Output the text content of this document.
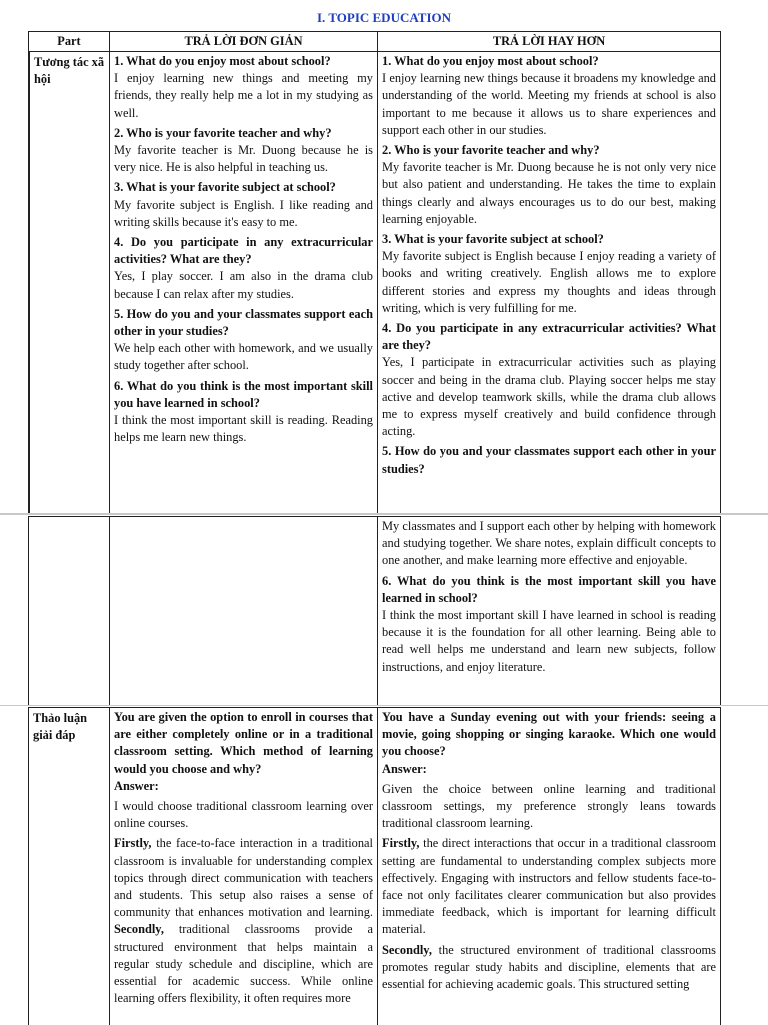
I. TOPIC EDUCATION
Part	TRẢ LỜI ĐƠN GIẢN	TRẢ LỜI HAY HƠN
Tương tác xã hội
1. What do you enjoy most about school?
I enjoy learning new things and meeting my friends, they really help me a lot in my studying as well.
2. Who is your favorite teacher and why?
My favorite teacher is Mr. Duong because he is very nice. He is also helpful in teaching us.
3. What is your favorite subject at school?
My favorite subject is English. I like reading and writing skills because it's easy to me.
4. Do you participate in any extracurricular activities? What are they?
Yes, I play soccer. I am also in the drama club because I can relax after my studies.
5. How do you and your classmates support each other in your studies?
We help each other with homework, and we usually study together after school.
6. What do you think is the most important skill you have learned in school?
I think the most important skill is reading. Reading helps me learn new things.
1. What do you enjoy most about school?
I enjoy learning new things because it broadens my knowledge and understanding of the world. Meeting my friends at school is also important to me because it allows us to share experiences and support each other in our studies.
2. Who is your favorite teacher and why?
My favorite teacher is Mr. Duong because he is not only very nice but also patient and understanding. He takes the time to explain things clearly and always encourages us to do our best, making learning enjoyable.
3. What is your favorite subject at school?
My favorite subject is English because I enjoy reading a variety of books and writing creatively. English allows me to explore different stories and express my thoughts and ideas through writing, which is very fulfilling for me.
4. Do you participate in any extracurricular activities? What are they?
Yes, I participate in extracurricular activities such as playing soccer and being in the drama club. Playing soccer helps me stay active and develop teamwork skills, while the drama club allows me to express myself creatively and build confidence through acting.
5. How do you and your classmates support each other in your studies?
My classmates and I support each other by helping with homework and studying together. We share notes, explain difficult concepts to one another, and make learning more effective and enjoyable.
6. What do you think is the most important skill you have learned in school?
I think the most important skill I have learned in school is reading because it is the foundation for all other learning. Being able to read well helps me understand and learn new subjects, follow instructions, and enjoy literature.
Thảo luận giải đáp
You are given the option to enroll in courses that are either completely online or in a traditional classroom setting. Which method of learning would you choose and why?
Answer:
I would choose traditional classroom learning over online courses.
Firstly, the face-to-face interaction in a traditional classroom is invaluable for understanding complex topics through direct communication with teachers and students. This setup also raises a sense of community that enhances motivation and learning. Secondly, traditional classrooms provide a structured environment that helps maintain a regular study schedule and discipline, which are essential for academic success. While online learning offers flexibility, it often requires more
You have a Sunday evening out with your friends: seeing a movie, going shopping or singing karaoke. Which one would you choose?
Answer:
Given the choice between online learning and traditional classroom settings, my preference strongly leans towards traditional classroom learning.
Firstly, the direct interactions that occur in a traditional classroom setting are fundamental to understanding complex subjects more effectively. Engaging with instructors and fellow students face-to-face not only facilitates clearer communication but also provides immediate feedback, which is important for learning difficult material.
Secondly, the structured environment of traditional classrooms promotes regular study habits and discipline, elements that are essential for achieving academic goals. This structured setting
